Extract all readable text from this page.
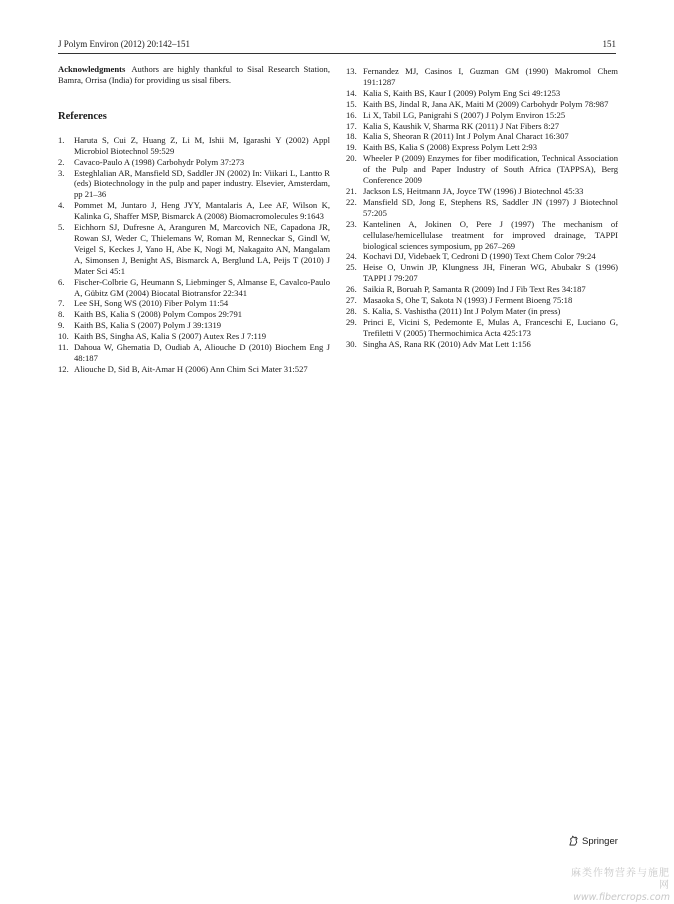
J Polym Environ (2012) 20:142–151	151

Acknowledgments Authors are highly thankful to Sisal Research Station, Bamra, Orrisa (India) for providing us sisal fibers.

References
1.	Haruta S, Cui Z, Huang Z, Li M, Ishii M, Igarashi Y (2002) Appl Microbiol Biotechnol 59:529
2.	Cavaco-Paulo A (1998) Carbohydr Polym 37:273
3.	Esteghlalian AR, Mansfield SD, Saddler JN (2002) In: Viikari L, Lantto R (eds) Biotechnology in the pulp and paper industry. Elsevier, Amsterdam, pp 21–36
4.	Pommet M, Juntaro J, Heng JYY, Mantalaris A, Lee AF, Wilson K, Kalinka G, Shaffer MSP, Bismarck A (2008) Biomacromolecules 9:1643
5.	Eichhorn SJ, Dufresne A, Aranguren M, Marcovich NE, Capadona JR, Rowan SJ, Weder C, Thielemans W, Roman M, Renneckar S, Gindl W, Veigel S, Keckes J, Yano H, Abe K, Nogi M, Nakagaito AN, Mangalam A, Simonsen J, Benight AS, Bismarck A, Berglund LA, Peijs T (2010) J Mater Sci 45:1
6.	Fischer-Colbrie G, Heumann S, Liebminger S, Almanse E, Cavalco-Paulo A, Gübitz GM (2004) Biocatal Biotransfor 22:341
7.	Lee SH, Song WS (2010) Fiber Polym 11:54
8.	Kaith BS, Kalia S (2008) Polym Compos 29:791
9.	Kaith BS, Kalia S (2007) Polym J 39:1319
10. Kaith BS, Singha AS, Kalia S (2007) Autex Res J 7:119
11. Dahoua W, Ghematia D, Oudiab A, Aliouche D (2010) Biochem Eng J 48:187
12. Aliouche D, Sid B, Ait-Amar H (2006) Ann Chim Sci Mater 31:527
13. Fernandez MJ, Casinos I, Guzman GM (1990) Makromol Chem 191:1287
14. Kalia S, Kaith BS, Kaur I (2009) Polym Eng Sci 49:1253
15. Kaith BS, Jindal R, Jana AK, Maiti M (2009) Carbohydr Polym 78:987
16. Li X, Tabil LG, Panigrahi S (2007) J Polym Environ 15:25
17. Kalia S, Kaushik V, Sharma RK (2011) J Nat Fibers 8:27
18. Kalia S, Sheoran R (2011) Int J Polym Anal Charact 16:307
19. Kaith BS, Kalia S (2008) Express Polym Lett 2:93
20. Wheeler P (2009) Enzymes for fiber modification, Technical Association of the Pulp and Paper Industry of South Africa (TAPPSA), Berg Conference 2009
21. Jackson LS, Heitmann JA, Joyce TW (1996) J Biotechnol 45:33
22. Mansfield SD, Jong E, Stephens RS, Saddler JN (1997) J Biotechnol 57:205
23. Kantelinen A, Jokinen O, Pere J (1997) The mechanism of cellulase/hemicellulase treatment for improved drainage, TAPPI biological sciences symposium, pp 267–269
24. Kochavi DJ, Videbaek T, Cedroni D (1990) Text Chem Color 79:24
25. Heise O, Unwin JP, Klungness JH, Fineran WG, Abubakr S (1996) TAPPI J 79:207
26. Saikia R, Boruah P, Samanta R (2009) Ind J Fib Text Res 34:187
27. Masaoka S, Ohe T, Sakota N (1993) J Ferment Bioeng 75:18
28. S. Kalia, S. Vashistha (2011) Int J Polym Mater (in press)
29. Princi E, Vicini S, Pedemonte E, Mulas A, Franceschi E, Luciano G, Trefiletti V (2005) Thermochimica Acta 425:173
30. Singha AS, Rana RK (2010) Adv Mat Lett 1:156
Springer
麻类作物营养与施肥网
www.fibercrops.com
